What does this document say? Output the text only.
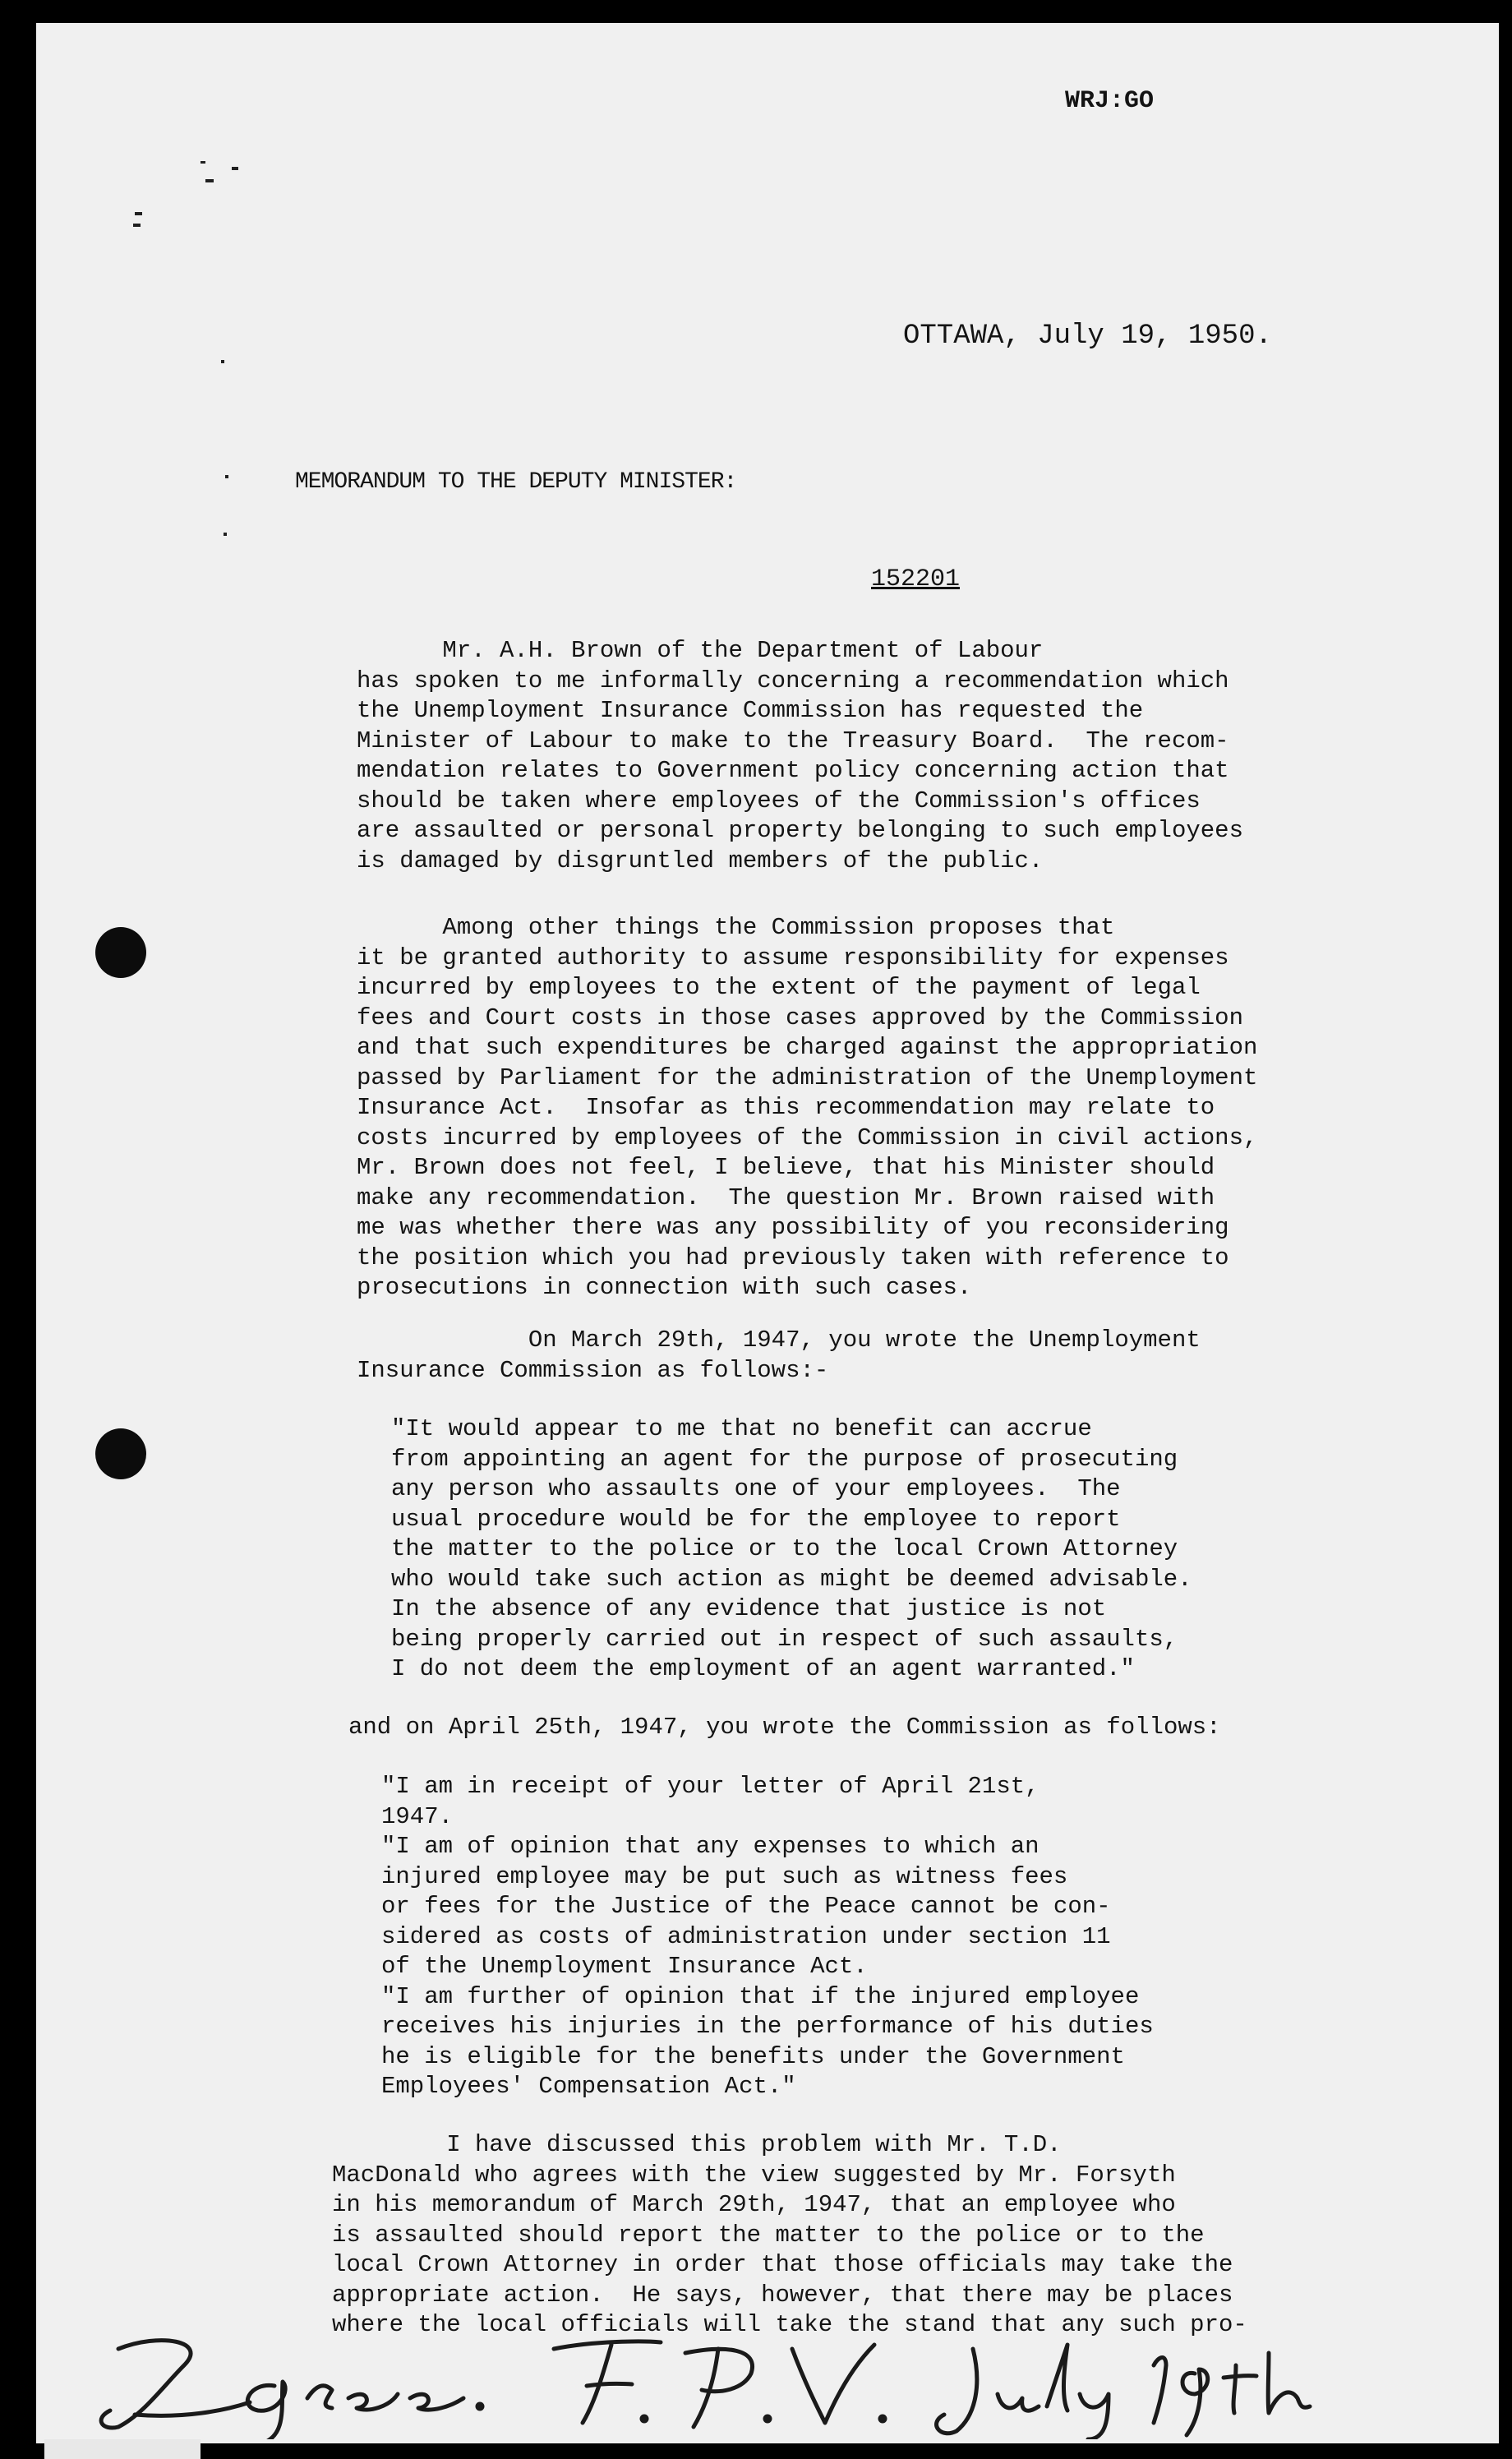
WRJ:GO
OTTAWA, July 19, 1950.
MEMORANDUM TO THE DEPUTY MINISTER:
152201
Mr. A.H. Brown of the Department of Labour
has spoken to me informally concerning a recommendation which
the Unemployment Insurance Commission has requested the
Minister of Labour to make to the Treasury Board.  The recom-
mendation relates to Government policy concerning action that
should be taken where employees of the Commission's offices
are assaulted or personal property belonging to such employees
is damaged by disgruntled members of the public.
Among other things the Commission proposes that
it be granted authority to assume responsibility for expenses
incurred by employees to the extent of the payment of legal
fees and Court costs in those cases approved by the Commission
and that such expenditures be charged against the appropriation
passed by Parliament for the administration of the Unemployment
Insurance Act.  Insofar as this recommendation may relate to
costs incurred by employees of the Commission in civil actions,
Mr. Brown does not feel, I believe, that his Minister should
make any recommendation.  The question Mr. Brown raised with
me was whether there was any possibility of you reconsidering
the position which you had previously taken with reference to
prosecutions in connection with such cases.
On March 29th, 1947, you wrote the Unemployment
Insurance Commission as follows:-
"It would appear to me that no benefit can accrue
from appointing an agent for the purpose of prosecuting
any person who assaults one of your employees.  The
usual procedure would be for the employee to report
the matter to the police or to the local Crown Attorney
who would take such action as might be deemed advisable.
In the absence of any evidence that justice is not
being properly carried out in respect of such assaults,
I do not deem the employment of an agent warranted."
and on April 25th, 1947, you wrote the Commission as follows:
"I am in receipt of your letter of April 21st,
1947.
"I am of opinion that any expenses to which an
injured employee may be put such as witness fees
or fees for the Justice of the Peace cannot be con-
sidered as costs of administration under section 11
of the Unemployment Insurance Act.
"I am further of opinion that if the injured employee
receives his injuries in the performance of his duties
he is eligible for the benefits under the Government
Employees' Compensation Act."
I have discussed this problem with Mr. T.D.
MacDonald who agrees with the view suggested by Mr. Forsyth
in his memorandum of March 29th, 1947, that an employee who
is assaulted should report the matter to the police or to the
local Crown Attorney in order that those officials may take the
appropriate action.  He says, however, that there may be places
where the local officials will take the stand that any such pro-
